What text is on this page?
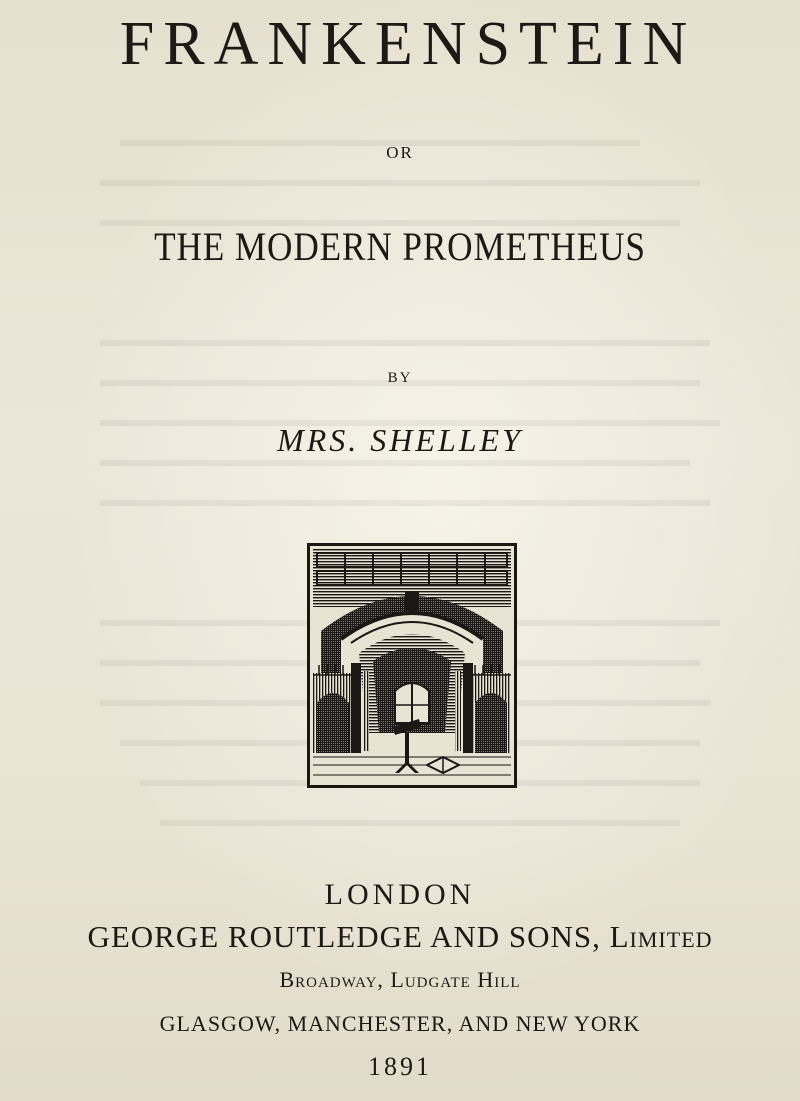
FRANKENSTEIN
OR
THE MODERN PROMETHEUS
BY
MRS. SHELLEY
LONDON
GEORGE ROUTLEDGE AND SONS, Limited
Broadway, Ludgate Hill
GLASGOW, MANCHESTER, AND NEW YORK
1891
